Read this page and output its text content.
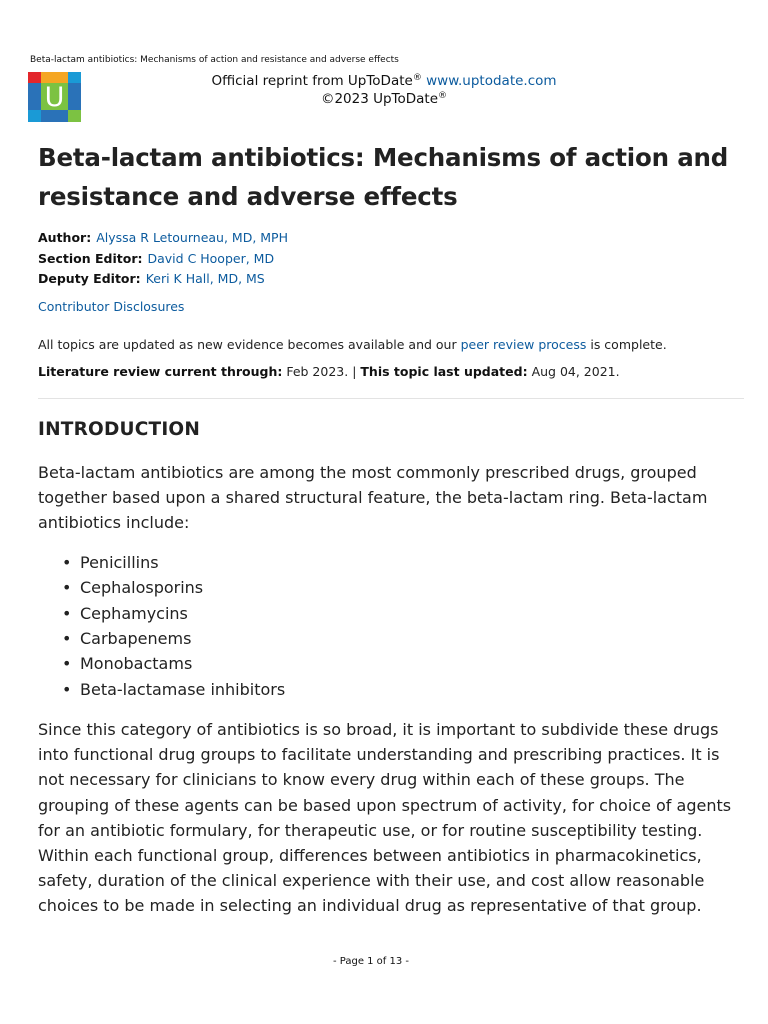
Beta-lactam antibiotics: Mechanisms of action and resistance and adverse effects
U
Official reprint from UpToDate® www.uptodate.com
©2023 UpToDate®
Beta-lactam antibiotics: Mechanisms of action and resistance and adverse effects
Author: Alyssa R Letourneau, MD, MPH
Section Editor: David C Hooper, MD
Deputy Editor: Keri K Hall, MD, MS
Contributor Disclosures
All topics are updated as new evidence becomes available and our peer review process is complete.
Literature review current through: Feb 2023. | This topic last updated: Aug 04, 2021.
INTRODUCTION

Beta-lactam antibiotics are among the most commonly prescribed drugs, grouped together based upon a shared structural feature, the beta-lactam ring. Beta-lactam antibiotics include:

• Penicillins
• Cephalosporins
• Cephamycins
• Carbapenems
• Monobactams
• Beta-lactamase inhibitors

Since this category of antibiotics is so broad, it is important to subdivide these drugs into functional drug groups to facilitate understanding and prescribing practices. It is not necessary for clinicians to know every drug within each of these groups. The grouping of these agents can be based upon spectrum of activity, for choice of agents for an antibiotic formulary, for therapeutic use, or for routine susceptibility testing. Within each functional group, differences between antibiotics in pharmacokinetics, safety, duration of the clinical experience with their use, and cost allow reasonable choices to be made in selecting an individual drug as representative of that group.

- Page 1 of 13 -
